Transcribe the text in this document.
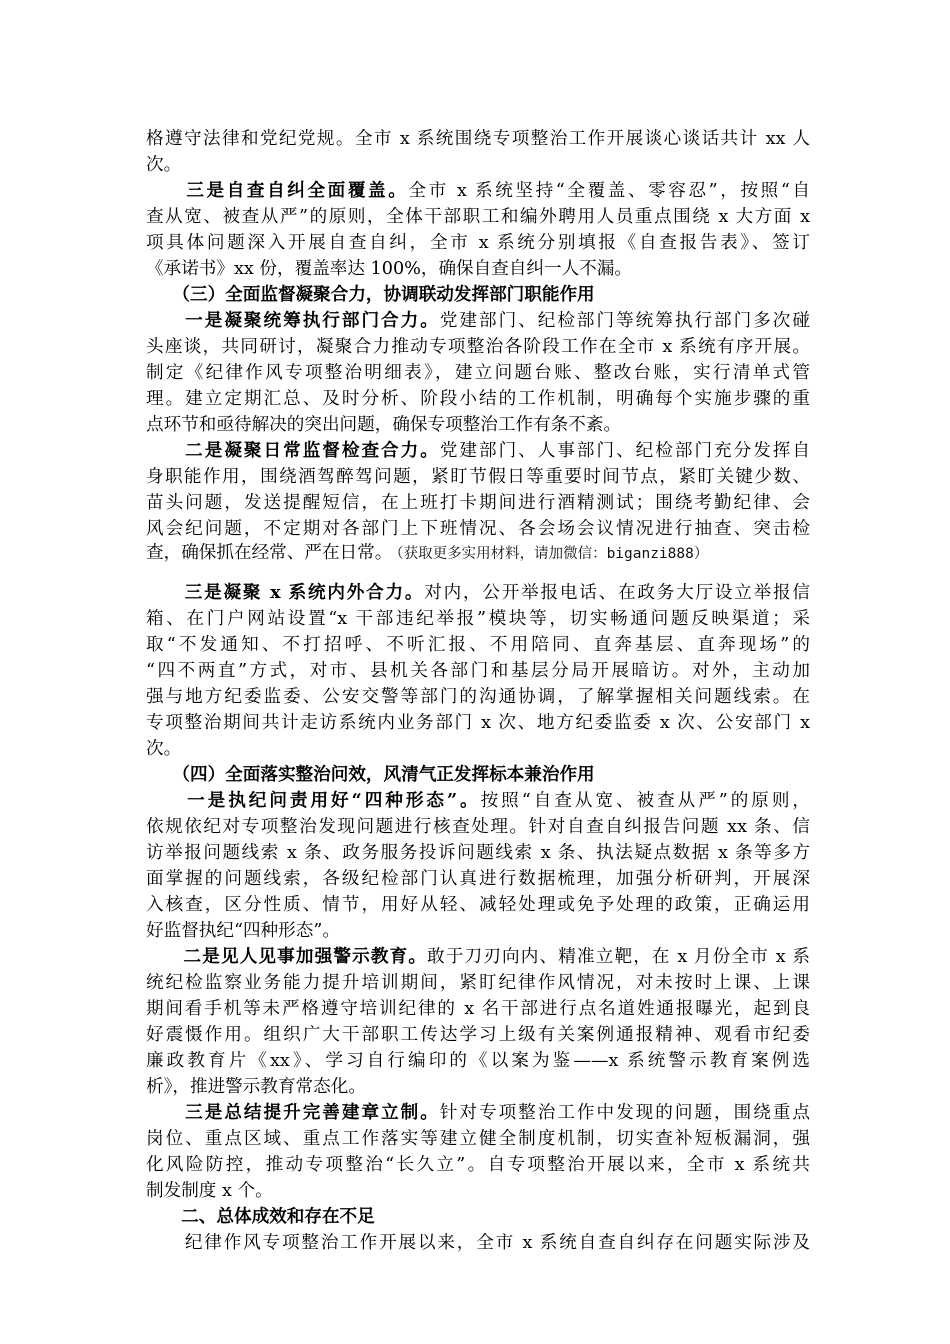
格遵守法律和党纪党规。全市 x 系统围绕专项整治工作开展谈心谈话共计 xx 人
次。
　　三是自查自纠全面覆盖。全市 x 系统坚持“全覆盖、零容忍”，按照“自
查从宽、被查从严”的原则，全体干部职工和编外聘用人员重点围绕 x 大方面 x
项具体问题深入开展自查自纠，全市 x 系统分别填报《自查报告表》、签订
《承诺书》xx 份，覆盖率达 100%，确保自查自纠一人不漏。
　　（三）全面监督凝聚合力，协调联动发挥部门职能作用
　　一是凝聚统筹执行部门合力。党建部门、纪检部门等统筹执行部门多次碰
头座谈，共同研讨，凝聚合力推动专项整治各阶段工作在全市 x 系统有序开展。
制定《纪律作风专项整治明细表》，建立问题台账、整改台账，实行清单式管
理。建立定期汇总、及时分析、阶段小结的工作机制，明确每个实施步骤的重
点环节和亟待解决的突出问题，确保专项整治工作有条不紊。
　　二是凝聚日常监督检查合力。党建部门、人事部门、纪检部门充分发挥自
身职能作用，围绕酒驾醉驾问题，紧盯节假日等重要时间节点，紧盯关键少数、
苗头问题，发送提醒短信，在上班打卡期间进行酒精测试；围绕考勤纪律、会
风会纪问题，不定期对各部门上下班情况、各会场会议情况进行抽查、突击检
查，确保抓在经常、严在日常。 （获取更多实用材料，请加微信：biganzi888）
　　三是凝聚 x 系统内外合力。对内，公开举报电话、在政务大厅设立举报信
箱、在门户网站设置“x 干部违纪举报”模块等，切实畅通问题反映渠道；采
取“不发通知、不打招呼、不听汇报、不用陪同、直奔基层、直奔现场”的
“四不两直”方式，对市、县机关各部门和基层分局开展暗访。对外，主动加
强与地方纪委监委、公安交警等部门的沟通协调，了解掌握相关问题线索。在
专项整治期间共计走访系统内业务部门 x 次、地方纪委监委 x 次、公安部门 x
次。
　　（四）全面落实整治问效，风清气正发挥标本兼治作用
　　一是执纪问责用好“四种形态”。按照“自查从宽、被查从严”的原则，
依规依纪对专项整治发现问题进行核查处理。针对自查自纠报告问题 xx 条、信
访举报问题线索 x 条、政务服务投诉问题线索 x 条、执法疑点数据 x 条等多方
面掌握的问题线索，各级纪检部门认真进行数据梳理，加强分析研判，开展深
入核查，区分性质、情节，用好从轻、减轻处理或免予处理的政策，正确运用
好监督执纪“四种形态”。
　　二是见人见事加强警示教育。敢于刀刃向内、精准立靶，在 x 月份全市 x 系
统纪检监察业务能力提升培训期间，紧盯纪律作风情况，对未按时上课、上课
期间看手机等未严格遵守培训纪律的 x 名干部进行点名道姓通报曝光，起到良
好震慑作用。组织广大干部职工传达学习上级有关案例通报精神、观看市纪委
廉政教育片《xx》、学习自行编印的《以案为鉴——x 系统警示教育案例选
析》，推进警示教育常态化。
　　三是总结提升完善建章立制。针对专项整治工作中发现的问题，围绕重点
岗位、重点区域、重点工作落实等建立健全制度机制，切实查补短板漏洞，强
化风险防控，推动专项整治“长久立”。自专项整治开展以来，全市 x 系统共
制发制度 x 个。
　　二、总体成效和存在不足
　　纪律作风专项整治工作开展以来，全市 x 系统自查自纠存在问题实际涉及
